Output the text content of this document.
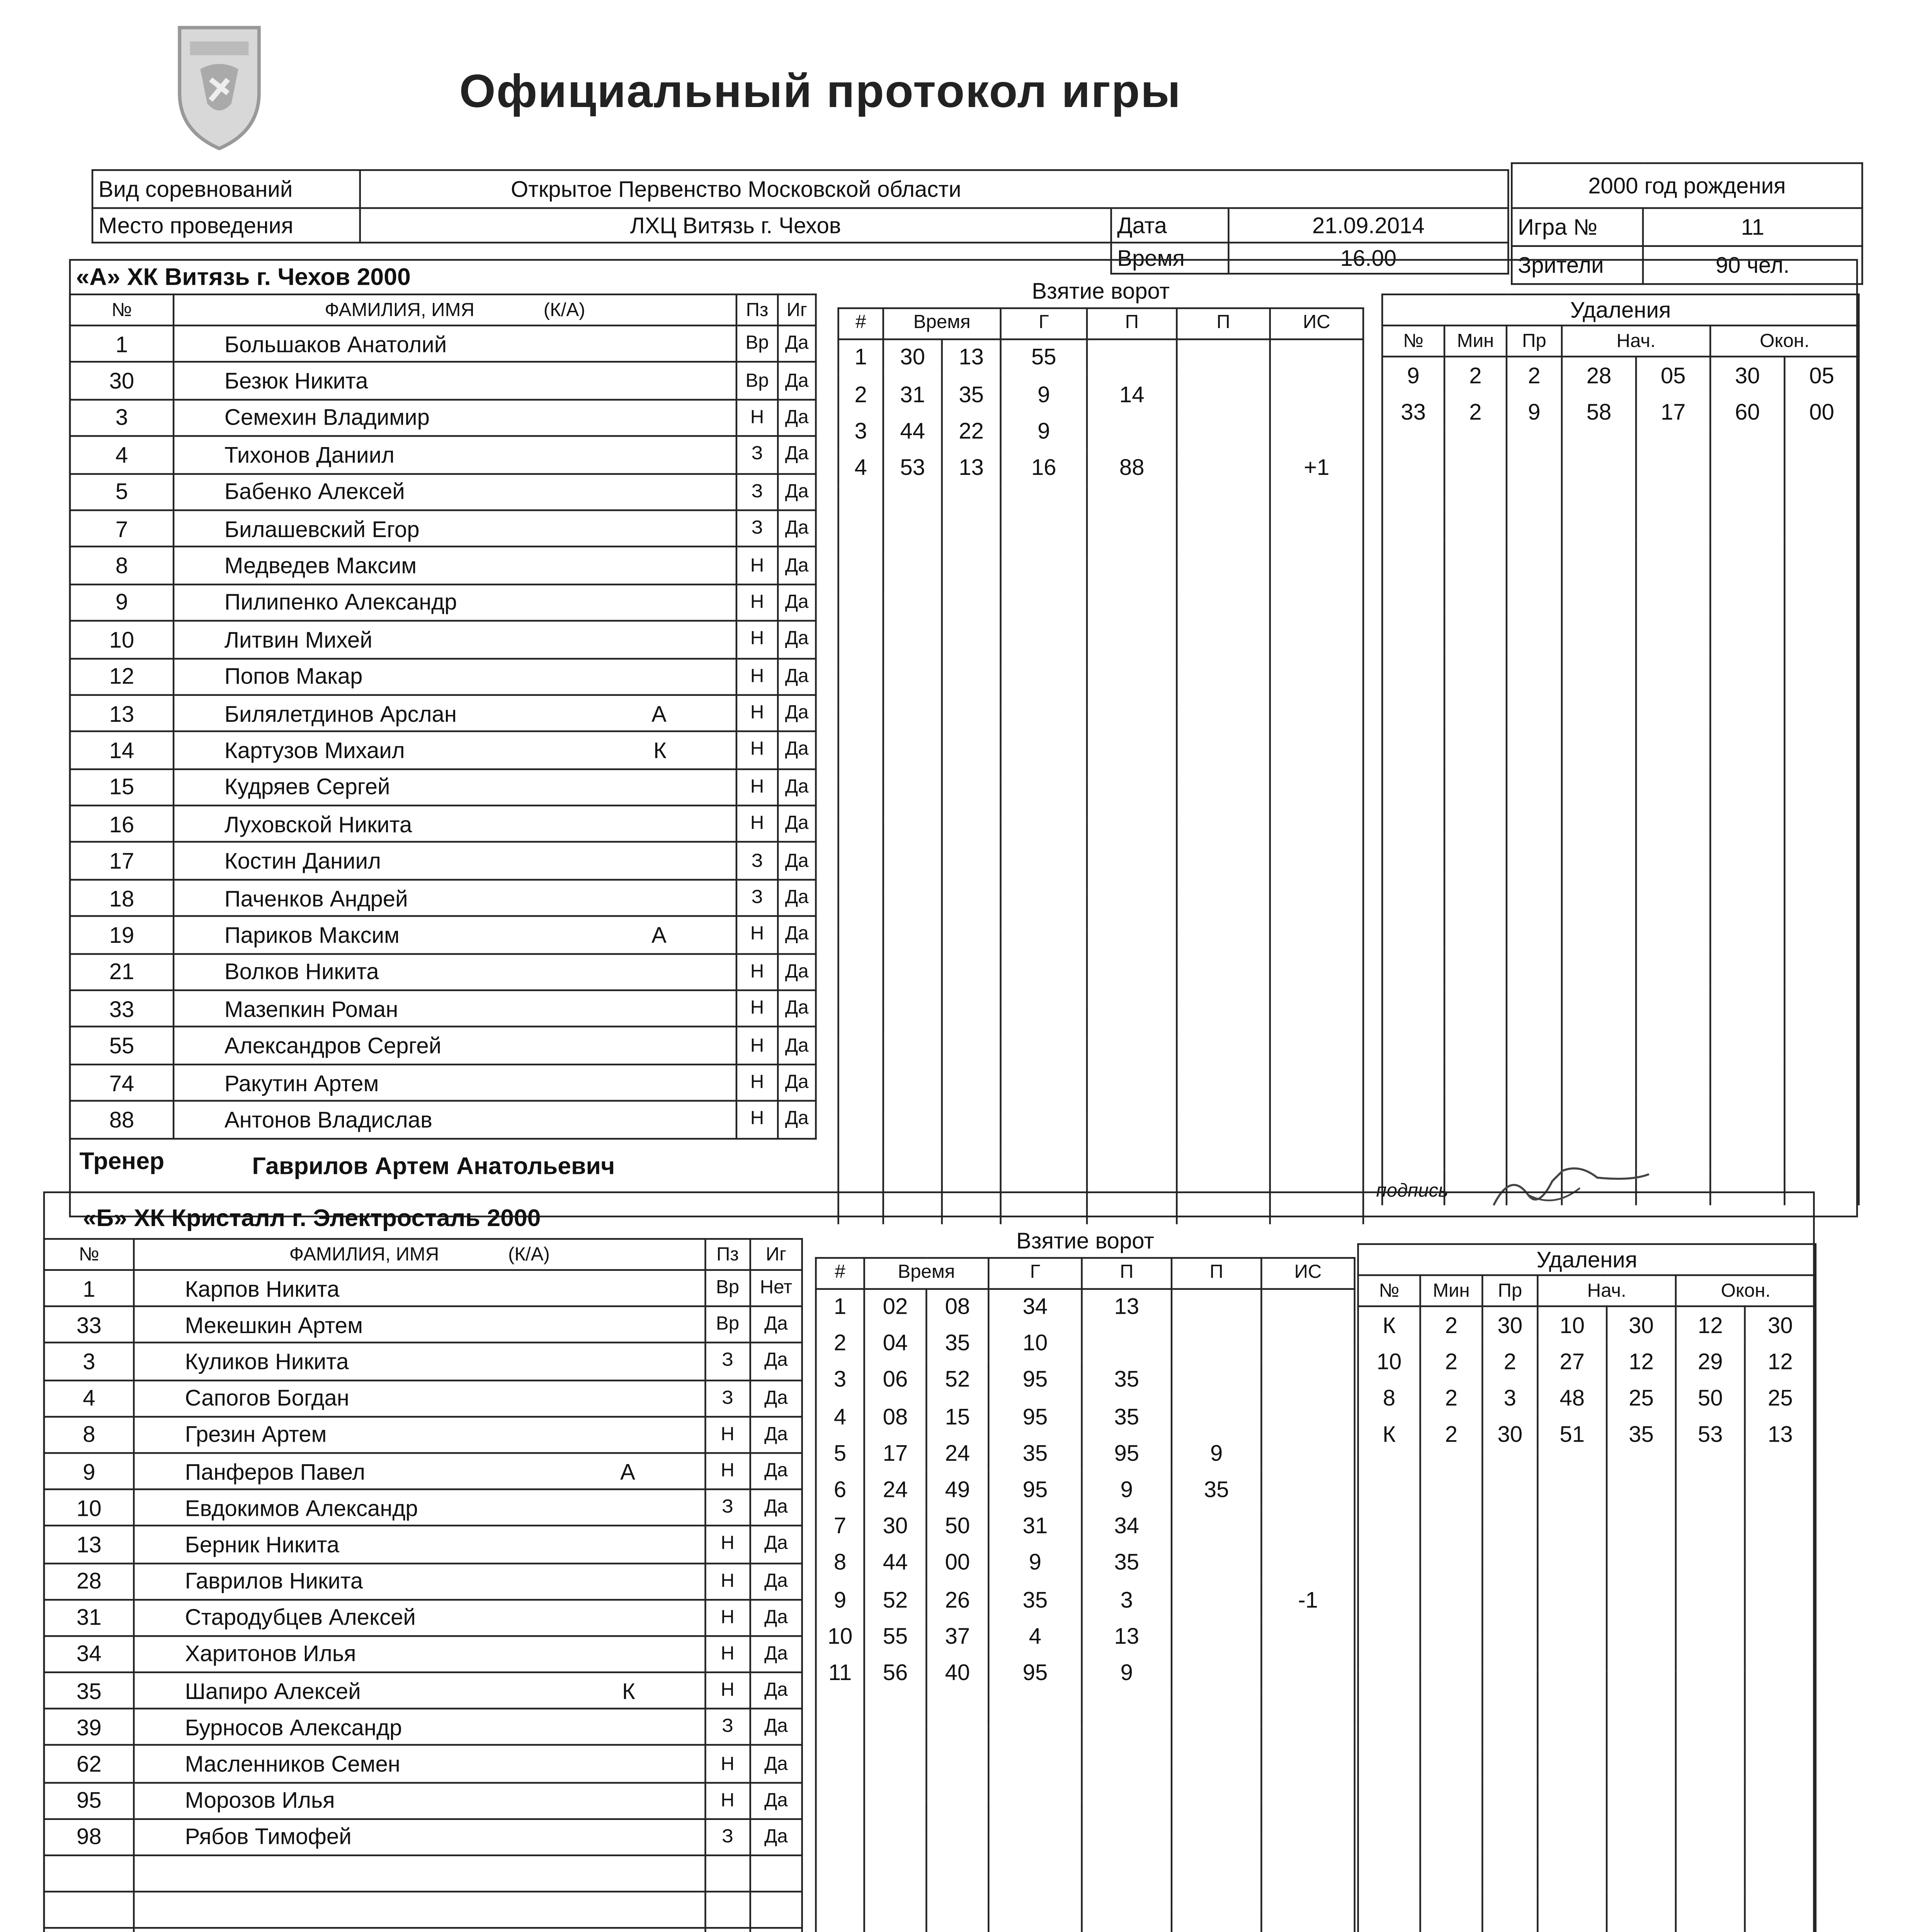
Официальный протокол игры
Вид соревнований	Открытое Первенство Московской области		
Место проведения	ЛХЦ Витязь г. Чехов	Дата	21.09.2014
		Время	16.00
2000 год рождения	
Игра №	11
Зрители	90 чел.
«А» ХК Витязь г. Чехов 2000
№	ФАМИЛИЯ, ИМЯ (К/А)	Пз	Иг
1	Большаков Анатолий	Вр	Да
30	Безюк Никита	Вр	Да
3	Семехин Владимир	Н	Да
4	Тихонов Даниил	З	Да
5	Бабенко Алексей	З	Да
7	Билашевский Егор	З	Да
8	Медведев Максим	Н	Да
9	Пилипенко Александр	Н	Да
10	Литвин Михей	Н	Да
12	Попов Макар	Н	Да
13	Билялетдинов Арслан А	Н	Да
14	Картузов Михаил К	Н	Да
15	Кудряев Сергей	Н	Да
16	Луховской Никита	Н	Да
17	Костин Даниил	З	Да
18	Паченков Андрей	З	Да
19	Париков Максим А	Н	Да
21	Волков Никита	Н	Да
33	Мазепкин Роман	Н	Да
55	Александров Сергей	Н	Да
74	Ракутин Артем	Н	Да
88	Антонов Владислав	Н	Да
Взятие ворот						
#	Время		Г	П	П	ИС
1	30	13	55			
2	31	35	9	14		
3	44	22	9			
4	53	13	16	88		+1

Удаления						
№	Мин	Пр	Нач.		Окон.	
9	2	2	28	05	30	05
33	2	9	58	17	60	00

Тренер	Гаврилов Артем Анатольевич
подпись
«Б» ХК Кристалл г. Электросталь 2000
№	ФАМИЛИЯ, ИМЯ (К/А)	Пз	Иг
1	Карпов Никита	Вр	Нет
33	Мекешкин Артем	Вр	Да
3	Куликов Никита	З	Да
4	Сапогов Богдан	З	Да
8	Грезин Артем	Н	Да
9	Панферов Павел А	Н	Да
10	Евдокимов Александр	З	Да
13	Берник Никита	Н	Да
28	Гаврилов Никита	Н	Да
31	Стародубцев Алексей	Н	Да
34	Харитонов Илья	Н	Да
35	Шапиро Алексей К	Н	Да
39	Бурносов Александр	З	Да
62	Масленников Семен	Н	Да
95	Морозов Илья	Н	Да
98	Рябов Тимофей	З	Да

Взятие ворот						
#	Время		Г	П	П	ИС
1	02	08	34	13		
2	04	35	10			
3	06	52	95	35		
4	08	15	95	35		
5	17	24	35	95	9	
6	24	49	95	9	35	
7	30	50	31	34		
8	44	00	9	35		
9	52	26	35	3		-1
10	55	37	4	13		
11	56	40	95	9		

Удаления						
№	Мин	Пр	Нач.		Окон.	
К	2	30	10	30	12	30
10	2	2	27	12	29	12
8	2	3	48	25	50	25
К	2	30	51	35	53	13
